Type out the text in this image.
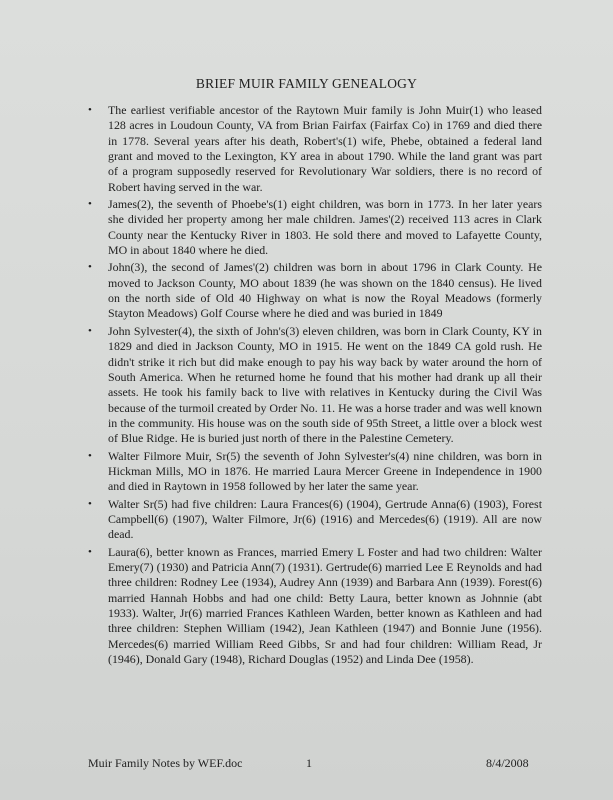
BRIEF MUIR FAMILY GENEALOGY
• The earliest verifiable ancestor of the Raytown Muir family is John Muir(1) who leased 128 acres in Loudoun County, VA from Brian Fairfax (Fairfax Co) in 1769 and died there in 1778. Several years after his death, Robert's(1) wife, Phebe, obtained a federal land grant and moved to the Lexington, KY area in about 1790. While the land grant was part of a program supposedly reserved for Revolutionary War soldiers, there is no record of Robert having served in the war.
• James(2), the seventh of Phoebe's(1) eight children, was born in 1773. In her later years she divided her property among her male children. James'(2) received 113 acres in Clark County near the Kentucky River in 1803. He sold there and moved to Lafayette County, MO in about 1840 where he died.
• John(3), the second of James'(2) children was born in about 1796 in Clark County. He moved to Jackson County, MO about 1839 (he was shown on the 1840 census). He lived on the north side of Old 40 Highway on what is now the Royal Meadows (formerly Stayton Meadows) Golf Course where he died and was buried in 1849
• John Sylvester(4), the sixth of John's(3) eleven children, was born in Clark County, KY in 1829 and died in Jackson County, MO in 1915. He went on the 1849 CA gold rush. He didn't strike it rich but did make enough to pay his way back by water around the horn of South America. When he returned home he found that his mother had drank up all their assets. He took his family back to live with relatives in Kentucky during the Civil Was because of the turmoil created by Order No. 11. He was a horse trader and was well known in the community. His house was on the south side of 95th Street, a little over a block west of Blue Ridge. He is buried just north of there in the Palestine Cemetery.
• Walter Filmore Muir, Sr(5) the seventh of John Sylvester's(4) nine children, was born in Hickman Mills, MO in 1876. He married Laura Mercer Greene in Independence in 1900 and died in Raytown in 1958 followed by her later the same year.
• Walter Sr(5) had five children: Laura Frances(6) (1904), Gertrude Anna(6) (1903), Forest Campbell(6) (1907), Walter Filmore, Jr(6) (1916) and Mercedes(6) (1919). All are now dead.
• Laura(6), better known as Frances, married Emery L Foster and had two children: Walter Emery(7) (1930) and Patricia Ann(7) (1931). Gertrude(6) married Lee E Reynolds and had three children: Rodney Lee (1934), Audrey Ann (1939) and Barbara Ann (1939). Forest(6) married Hannah Hobbs and had one child: Betty Laura, better known as Johnnie (abt 1933). Walter, Jr(6) married Frances Kathleen Warden, better known as Kathleen and had three children: Stephen William (1942), Jean Kathleen (1947) and Bonnie June (1956). Mercedes(6) married William Reed Gibbs, Sr and had four children: William Read, Jr (1946), Donald Gary (1948), Richard Douglas (1952) and Linda Dee (1958).
Muir Family Notes by WEF.doc	1	8/4/2008
